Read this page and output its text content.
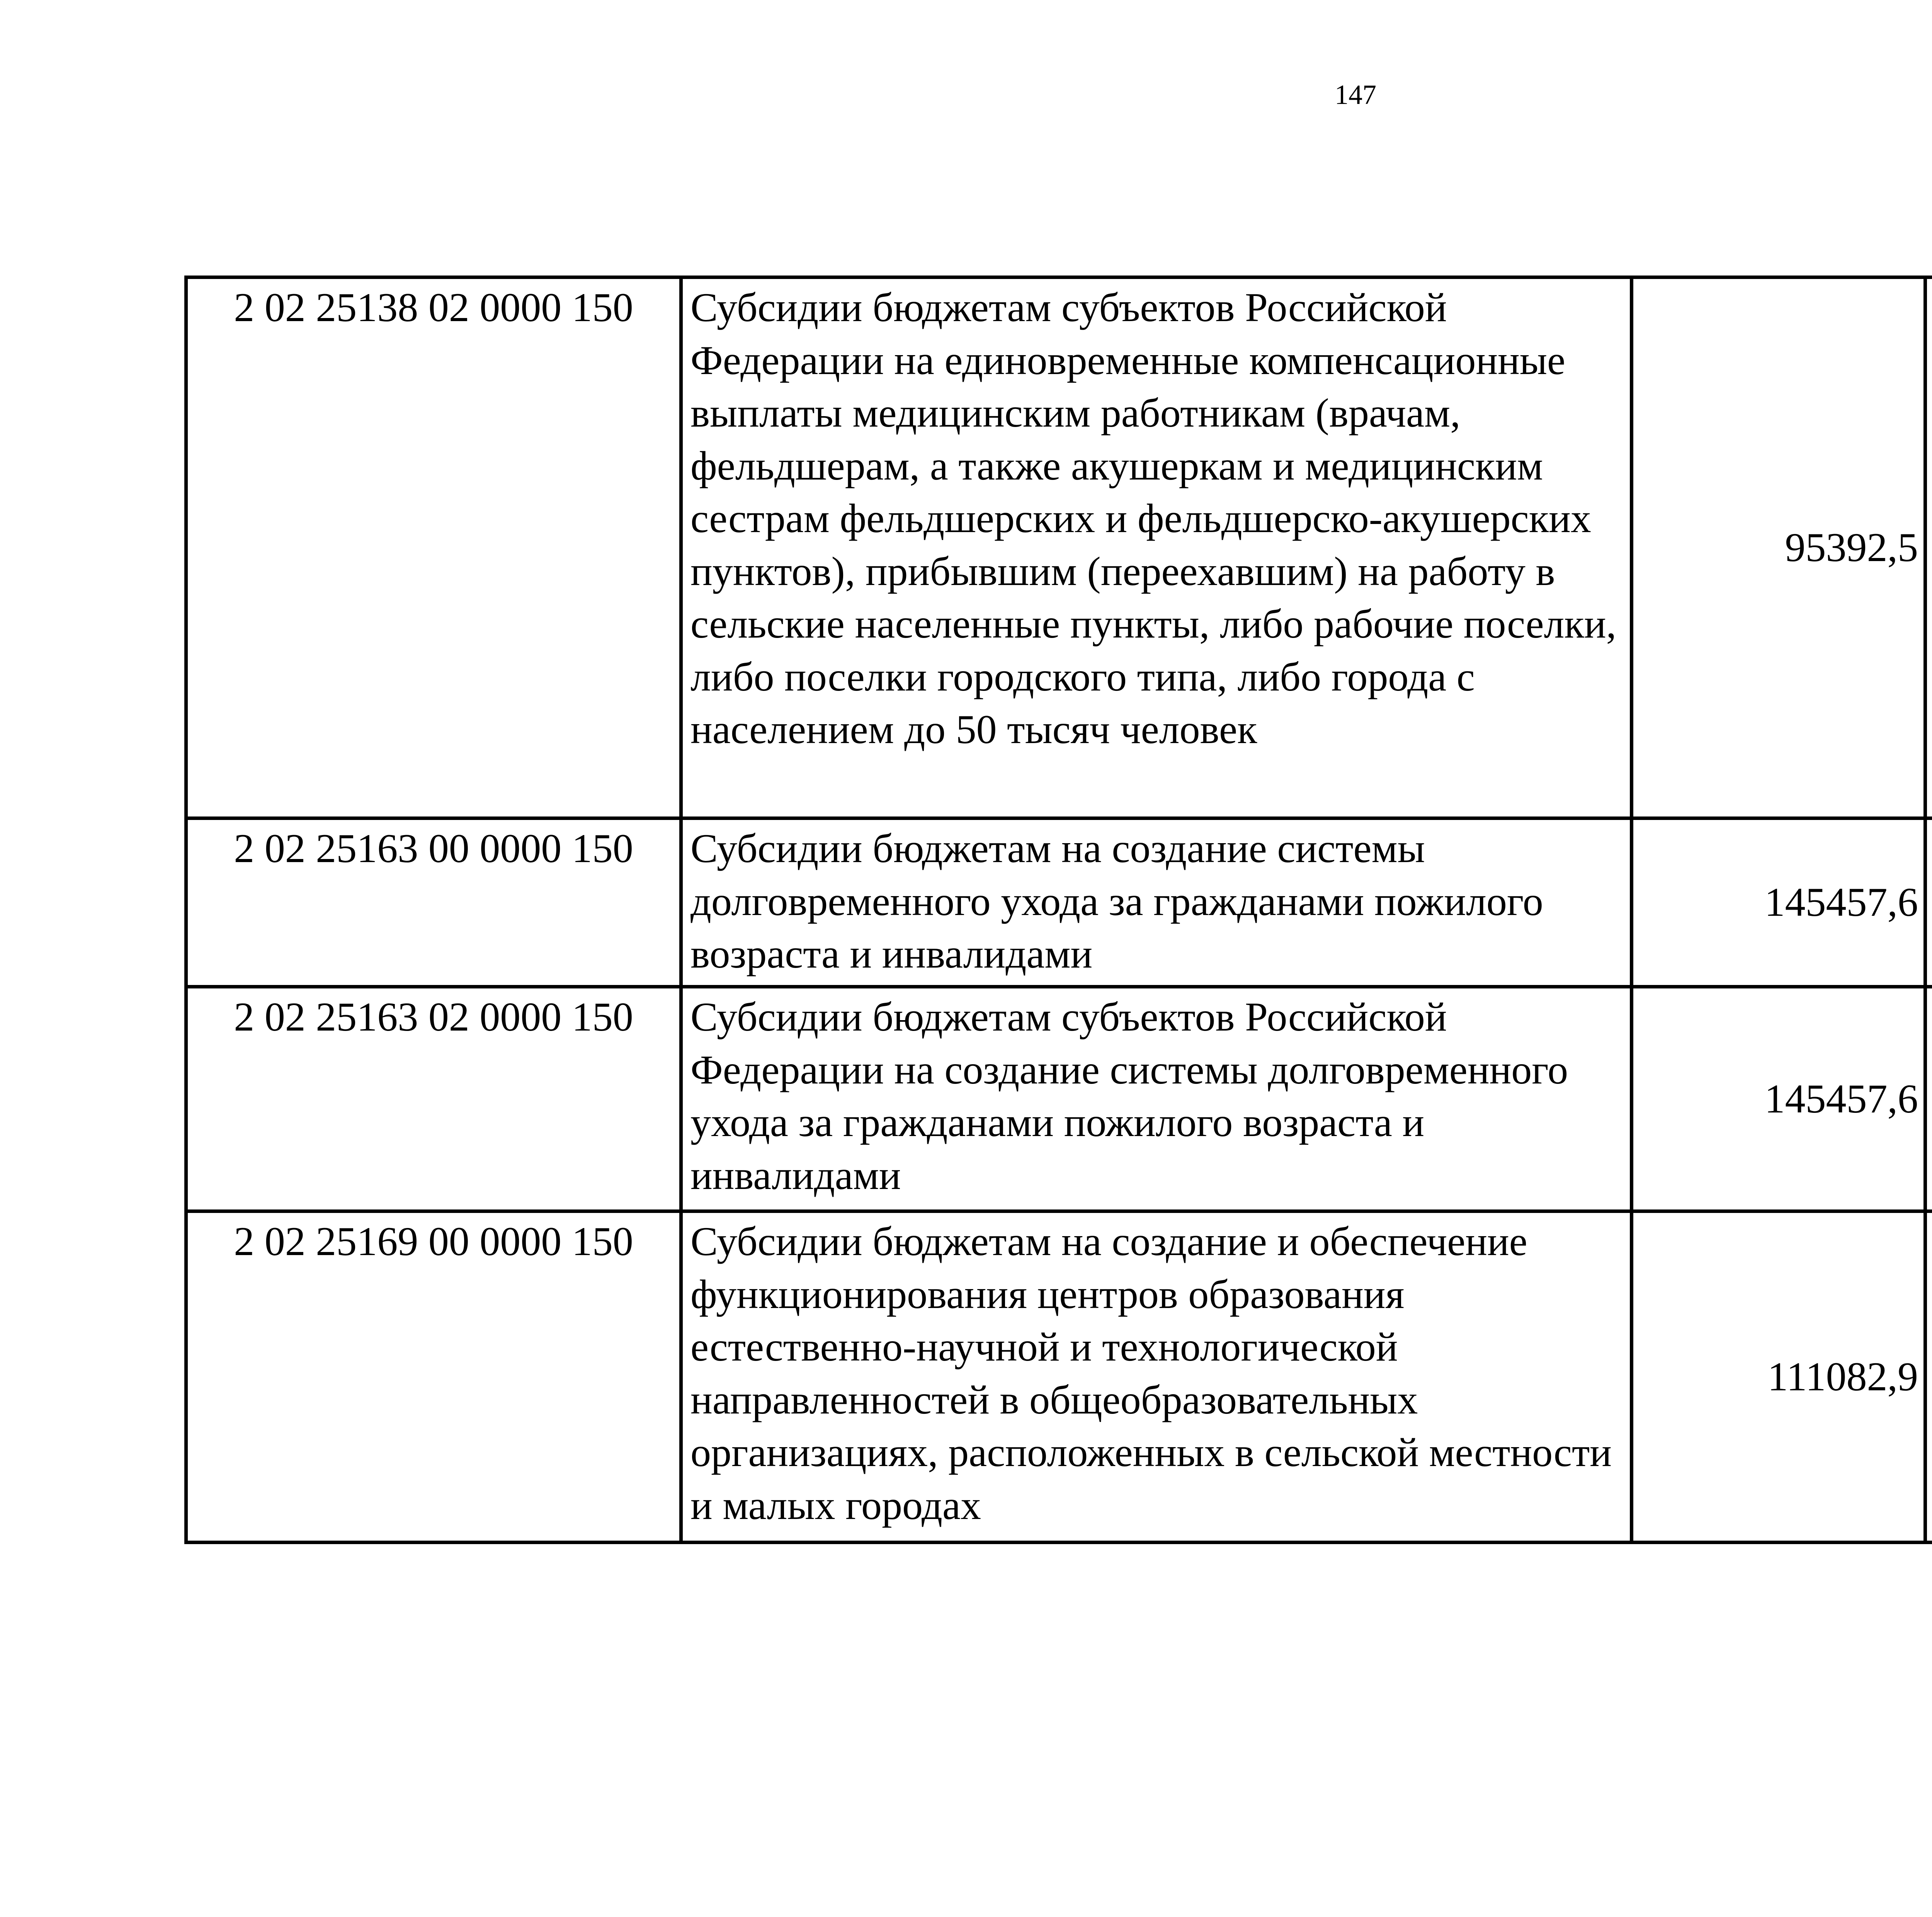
147
2 02 25138 02 0000 150	Субсидии бюджетам субъектов Российской Федерации на единовременные компенсационные выплаты медицинским работникам (врачам, фельдшерам, а также акушеркам и медицинским сестрам фельдшерских и фельдшерско-акушерских пунктов), прибывшим (переехавшим) на работу в сельские населенные пункты, либо рабочие поселки, либо поселки городского типа, либо города с населением до 50 тысяч человек	95392,5		
2 02 25163 00 0000 150	Субсидии бюджетам на создание системы долговременного ухода за гражданами пожилого возраста и инвалидами	145457,6		
2 02 25163 02 0000 150	Субсидии бюджетам субъектов Российской Федерации на создание системы долговременного ухода за гражданами пожилого возраста и инвалидами	145457,6		
2 02 25169 00 0000 150	Субсидии бюджетам на создание и обеспечение функционирования центров образования естественно-научной и технологической направленностей в общеобразовательных организациях, расположенных в сельской местности и малых городах	111082,9		
